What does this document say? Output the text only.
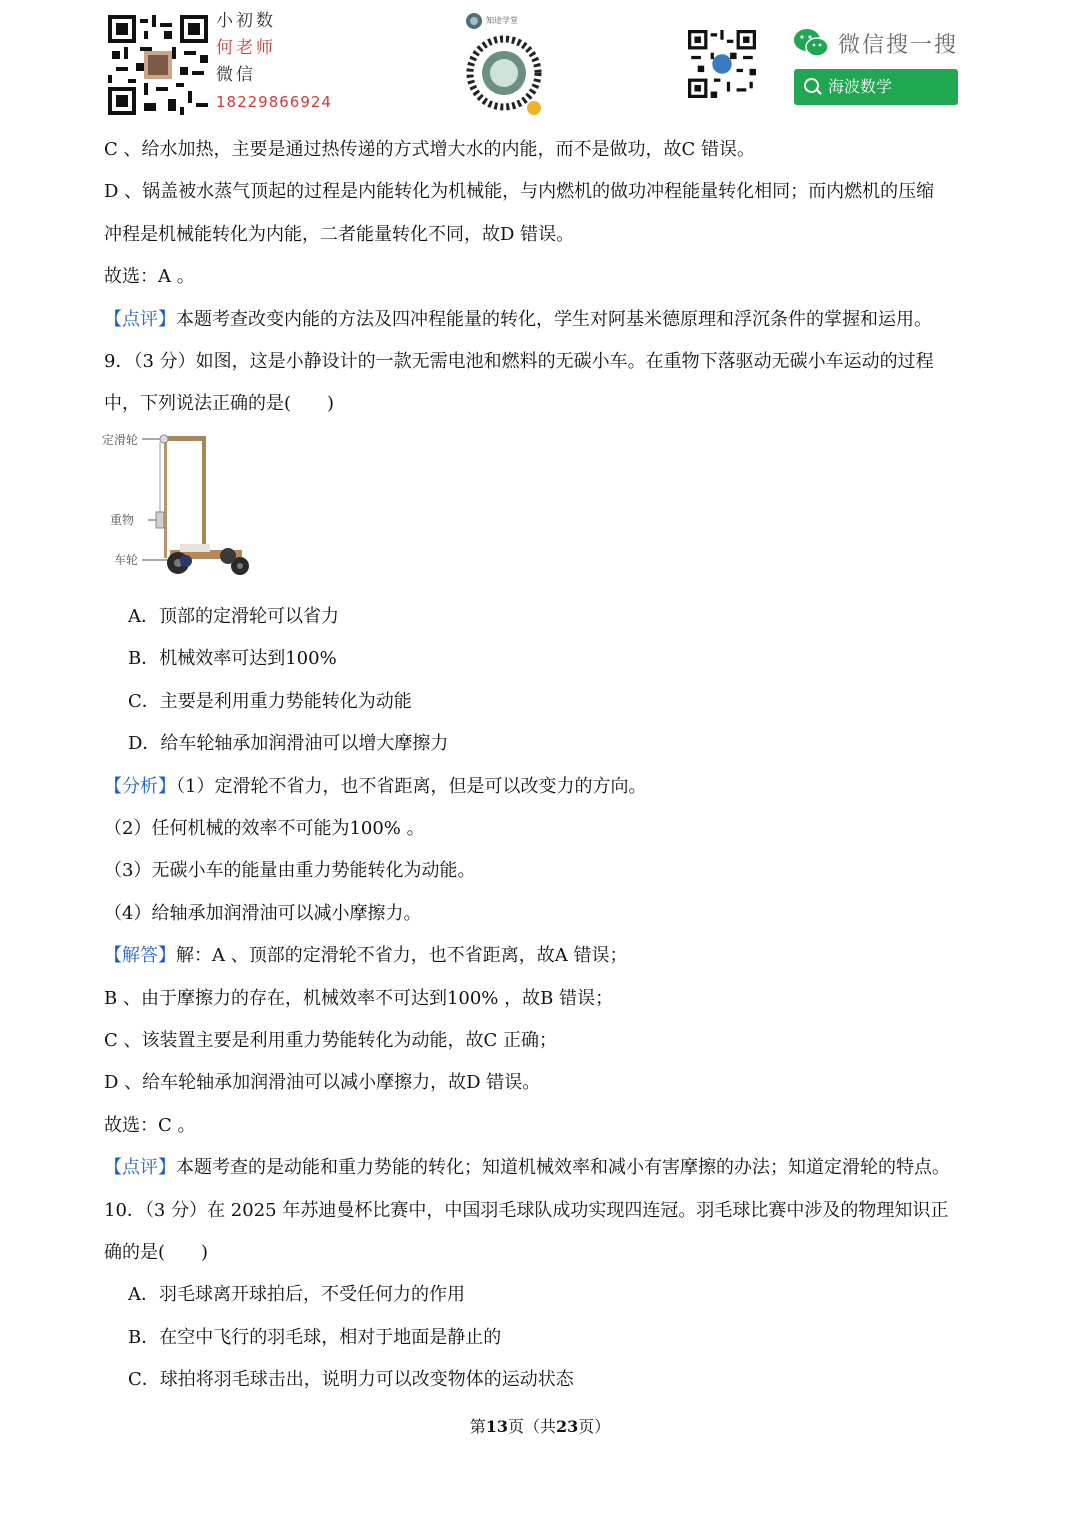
小初数
何老师
微信
18229866924
知途学堂
微信搜一搜
海波数学
C 、给水加热，主要是通过热传递的方式增大水的内能，而不是做功，故C 错误。
D 、锅盖被水蒸气顶起的过程是内能转化为机械能，与内燃机的做功冲程能量转化相同；而内燃机的压缩
冲程是机械能转化为内能，二者能量转化不同，故D 错误。
故选：A 。
【点评】本题考查改变内能的方法及四冲程能量的转化，学生对阿基米德原理和浮沉条件的掌握和运用。
9．（3 分）如图，这是小静设计的一款无需电池和燃料的无碳小车。在重物下落驱动无碳小车运动的过程
中，下列说法正确的是(　　)
定滑轮
重物
车轮
A．顶部的定滑轮可以省力
B．机械效率可达到100%
C．主要是利用重力势能转化为动能
D．给车轮轴承加润滑油可以增大摩擦力
【分析】（1）定滑轮不省力，也不省距离，但是可以改变力的方向。
（2）任何机械的效率不可能为100% 。
（3）无碳小车的能量由重力势能转化为动能。
（4）给轴承加润滑油可以减小摩擦力。
【解答】解：A 、顶部的定滑轮不省力，也不省距离，故A 错误；
B 、由于摩擦力的存在，机械效率不可达到100% ，故B 错误；
C 、该装置主要是利用重力势能转化为动能，故C 正确；
D 、给车轮轴承加润滑油可以减小摩擦力，故D 错误。
故选：C 。
【点评】本题考查的是动能和重力势能的转化；知道机械效率和减小有害摩擦的办法；知道定滑轮的特点。
10．（3 分）在 2025 年苏迪曼杯比赛中，中国羽毛球队成功实现四连冠。羽毛球比赛中涉及的物理知识正
确的是(　　)
A．羽毛球离开球拍后，不受任何力的作用
B．在空中飞行的羽毛球，相对于地面是静止的
C．球拍将羽毛球击出，说明力可以改变物体的运动状态
第13页（共23页）
